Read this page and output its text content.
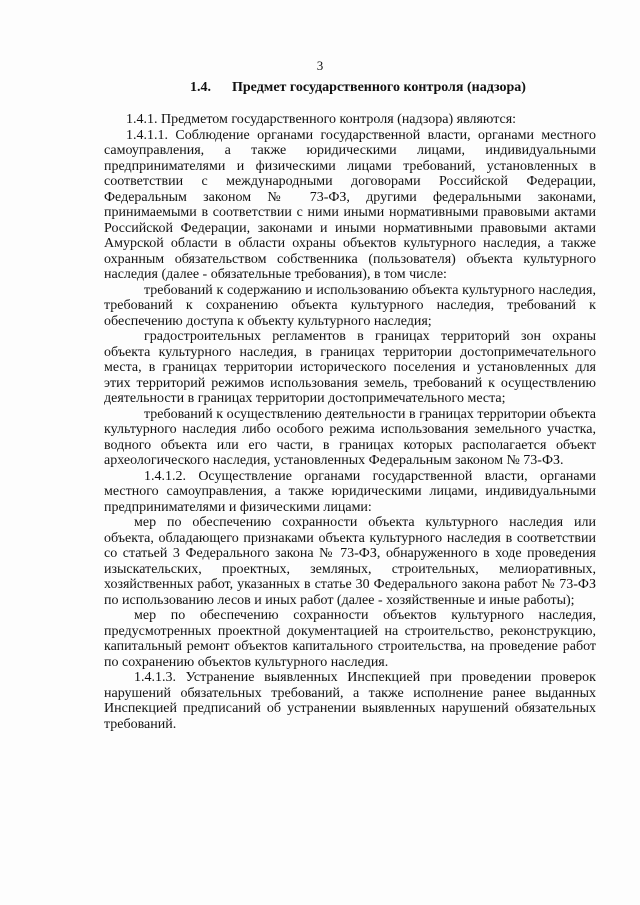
3
1.4. Предмет государственного контроля (надзора)

1.4.1. Предметом государственного контроля (надзора) являются:

1.4.1.1. Соблюдение органами государственной власти, органами местного самоуправления, а также юридическими лицами, индивидуальными предпринимателями и физическими лицами требований, установленных в соответствии с международными договорами Российской Федерации, Федеральным законом № 73-ФЗ, другими федеральными законами, принимаемыми в соответствии с ними иными нормативными правовыми актами Российской Федерации, законами и иными нормативными правовыми актами Амурской области в области охраны объектов культурного наследия, а также охранным обязательством собственника (пользователя) объекта культурного наследия (далее - обязательные требования), в том числе:

требований к содержанию и использованию объекта культурного наследия, требований к сохранению объекта культурного наследия, требований к обеспечению доступа к объекту культурного наследия;

градостроительных регламентов в границах территорий зон охраны объекта культурного наследия, в границах территории достопримечательного места, в границах территории исторического поселения и установленных для этих территорий режимов использования земель, требований к осуществлению деятельности в границах территории достопримечательного места;

требований к осуществлению деятельности в границах территории объекта культурного наследия либо особого режима использования земельного участка, водного объекта или его части, в границах которых располагается объект археологического наследия, установленных Федеральным законом № 73-ФЗ.

1.4.1.2. Осуществление органами государственной власти, органами местного самоуправления, а также юридическими лицами, индивидуальными предпринимателями и физическими лицами:

мер по обеспечению сохранности объекта культурного наследия или объекта, обладающего признаками объекта культурного наследия в соответствии со статьей 3 Федерального закона № 73-ФЗ, обнаруженного в ходе проведения изыскательских, проектных, земляных, строительных, мелиоративных, хозяйственных работ, указанных в статье 30 Федерального закона работ № 73-ФЗ по использованию лесов и иных работ (далее - хозяйственные и иные работы);

мер по обеспечению сохранности объектов культурного наследия, предусмотренных проектной документацией на строительство, реконструкцию, капитальный ремонт объектов капитального строительства, на проведение работ по сохранению объектов культурного наследия.

1.4.1.3. Устранение выявленных Инспекцией при проведении проверок нарушений обязательных требований, а также исполнение ранее выданных Инспекцией предписаний об устранении выявленных нарушений обязательных требований.
